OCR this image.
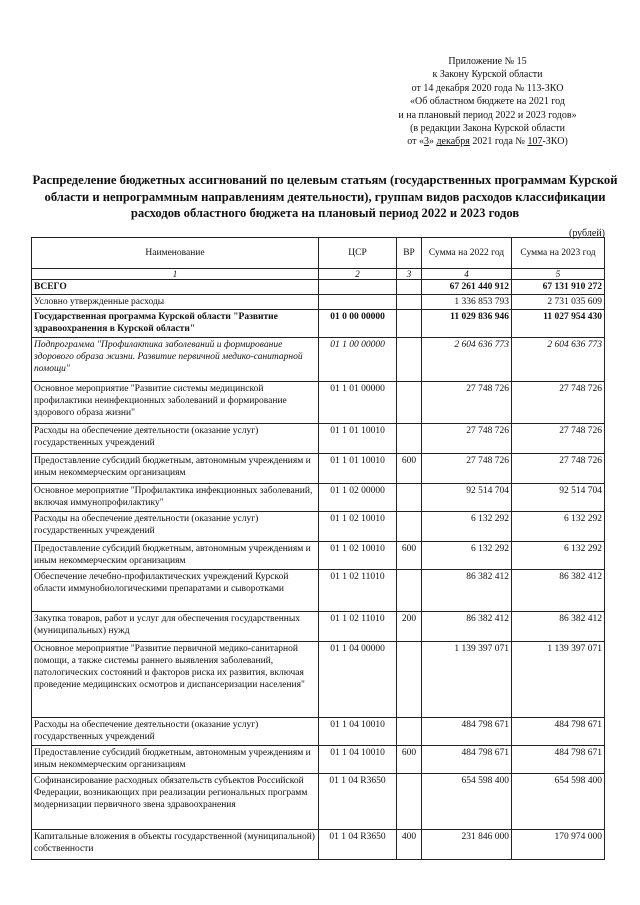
Приложение № 15
к Закону Курской области
от 14 декабря 2020 года № 113-ЗКО
«Об областном бюджете на 2021 год
и на плановый период 2022 и 2023 годов»
(в редакции Закона Курской области
от «3» декабря 2021 года № 107-ЗКО)
Распределение бюджетных ассигнований по целевым статьям (государственных программам Курской области и непрограммным направлениям деятельности), группам видов расходов классификации расходов областного бюджета на плановый период 2022 и 2023 годов
(рублей)
Наименование	ЦСР	ВР	Сумма на 2022 год	Сумма на 2023 год
1	2	3	4	5
ВСЕГО			67 261 440 912	67 131 910 272
Условно утвержденные расходы			1 336 853 793	2 731 035 609
Государственная программа Курской области "Развитие здравоохранения в Курской области"	01 0 00 00000		11 029 836 946	11 027 954 430
Подпрограмма "Профилактика заболеваний и формирование здорового образа жизни. Развитие первичной медико-санитарной помощи"	01 1 00 00000		2 604 636 773	2 604 636 773
Основное мероприятие "Развитие системы медицинской профилактики неинфекционных заболеваний и формирование здорового образа жизни"	01 1 01 00000		27 748 726	27 748 726
Расходы на обеспечение деятельности (оказание услуг) государственных учреждений	01 1 01 10010		27 748 726	27 748 726
Предоставление субсидий бюджетным, автономным учреждениям и иным некоммерческим организациям	01 1 01 10010	600	27 748 726	27 748 726
Основное мероприятие "Профилактика инфекционных заболеваний, включая иммунопрофилактику"	01 1 02 00000		92 514 704	92 514 704
Расходы на обеспечение деятельности (оказание услуг) государственных учреждений	01 1 02 10010		6 132 292	6 132 292
Предоставление субсидий бюджетным, автономным учреждениям и иным некоммерческим организациям	01 1 02 10010	600	6 132 292	6 132 292
Обеспечение лечебно-профилактических учреждений Курской области иммунобиологическими препаратами и сыворотками	01 1 02 11010		86 382 412	86 382 412
Закупка товаров, работ и услуг для обеспечения государственных (муниципальных) нужд	01 1 02 11010	200	86 382 412	86 382 412
Основное мероприятие "Развитие первичной медико-санитарной помощи, а также системы раннего выявления заболеваний, патологических состояний и факторов риска их развития, включая проведение медицинских осмотров и диспансеризации населения"	01 1 04 00000		1 139 397 071	1 139 397 071
Расходы на обеспечение деятельности (оказание услуг) государственных учреждений	01 1 04 10010		484 798 671	484 798 671
Предоставление субсидий бюджетным, автономным учреждениям и иным некоммерческим организациям	01 1 04 10010	600	484 798 671	484 798 671
Софинансирование расходных обязательств субъектов Российской Федерации, возникающих при реализации региональных программ модернизации первичного звена здравоохранения	01 1 04 R3650		654 598 400	654 598 400
Капитальные вложения в объекты государственной (муниципальной) собственности	01 1 04 R3650	400	231 846 000	170 974 000
